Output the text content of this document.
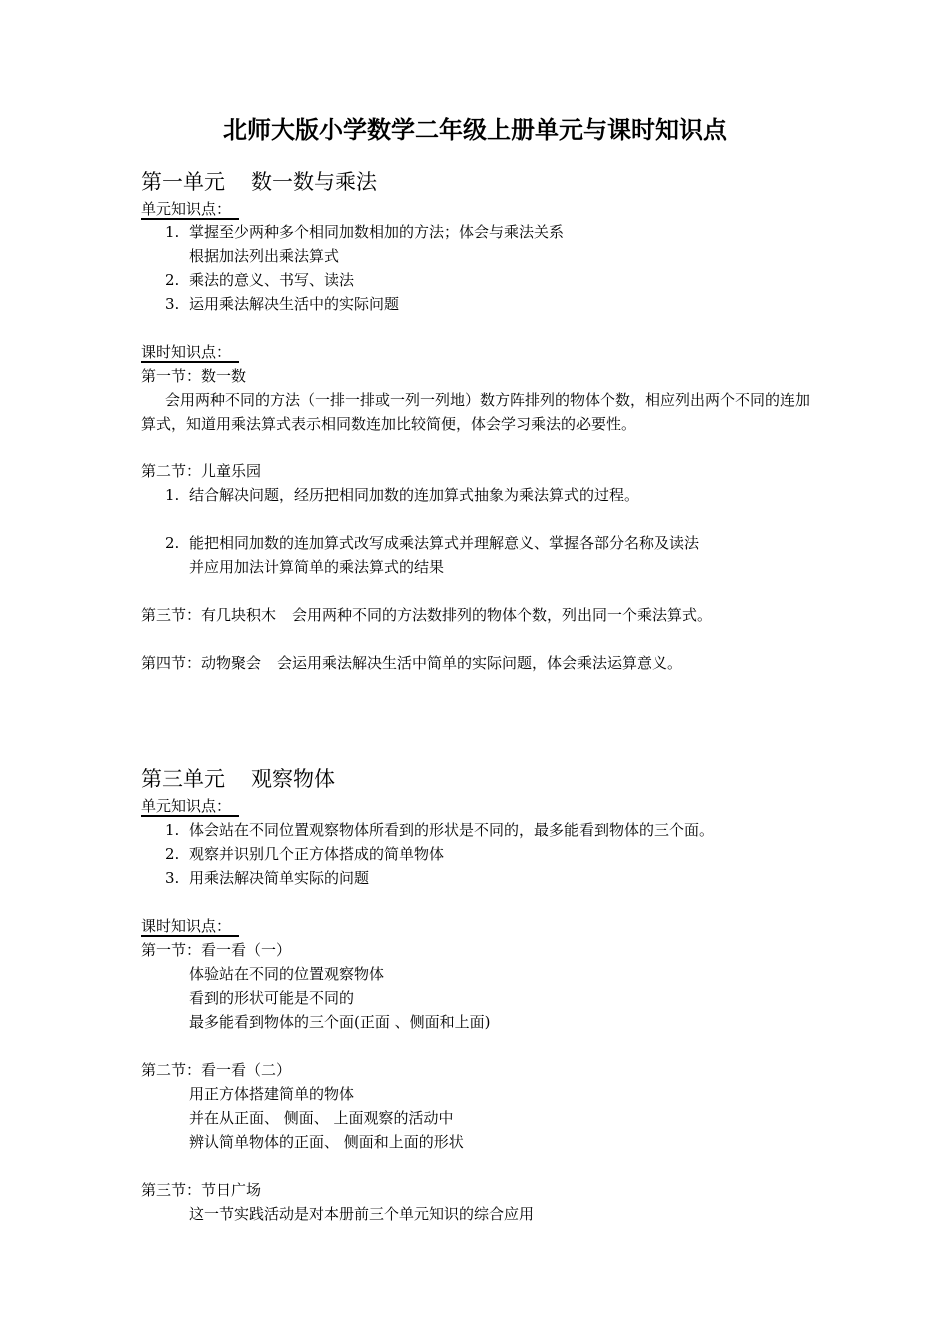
北师大版小学数学二年级上册单元与课时知识点
第一单元 数一数与乘法
单元知识点：
1. 掌握至少两种多个相同加数相加的方法；体会与乘法关系
根据加法列出乘法算式
2. 乘法的意义、书写、读法
3. 运用乘法解决生活中的实际问题
课时知识点：
第一节：数一数
会用两种不同的方法（一排一排或一列一列地）数方阵排列的物体个数，相应列出两个不同的连加算式，知道用乘法算式表示相同数连加比较简便，体会学习乘法的必要性。
第二节：儿童乐园
1. 结合解决问题，经历把相同加数的连加算式抽象为乘法算式的过程。
2. 能把相同加数的连加算式改写成乘法算式并理解意义、掌握各部分名称及读法
并应用加法计算简单的乘法算式的结果
第三节：有几块积木 会用两种不同的方法数排列的物体个数，列出同一个乘法算式。
第四节：动物聚会 会运用乘法解决生活中简单的实际问题，体会乘法运算意义。
第三单元 观察物体
单元知识点：
1. 体会站在不同位置观察物体所看到的形状是不同的，最多能看到物体的三个面。
2. 观察并识别几个正方体搭成的简单物体
3. 用乘法解决简单实际的问题
课时知识点：
第一节：看一看（一）
体验站在不同的位置观察物体
看到的形状可能是不同的
最多能看到物体的三个面(正面 、侧面和上面)
第二节：看一看（二）
用正方体搭建简单的物体
并在从正面、 侧面、 上面观察的活动中
辨认简单物体的正面、 侧面和上面的形状
第三节：节日广场
这一节实践活动是对本册前三个单元知识的综合应用
